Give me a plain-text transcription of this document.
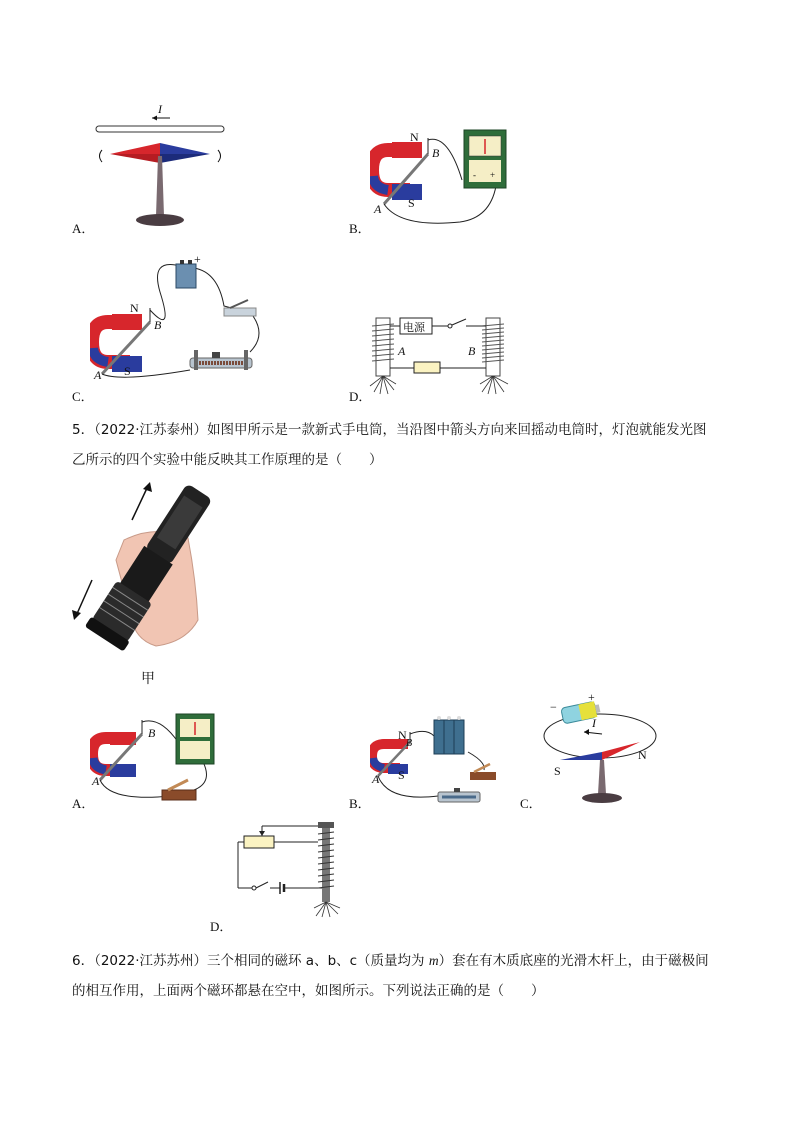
I
A．
- +
N
B
S
A
B．
+
N
B
S
A
C．
电源
A	B
D．
5．（2022·江苏泰州）如图甲所示是一款新式手电筒，当沿图中箭头方向来回摇动电筒时，灯泡就能发光图
乙所示的四个实验中能反映其工作原理的是（　　）
甲
B
A
A．
N
B
S
A
B．
−
+
I
S
N
C．
D．
6．（2022·江苏苏州）三个相同的磁环 a、b、c（质量均为 m）套在有木质底座的光滑木杆上，由于磁极间
的相互作用，上面两个磁环都悬在空中，如图所示。下列说法正确的是（　　）
